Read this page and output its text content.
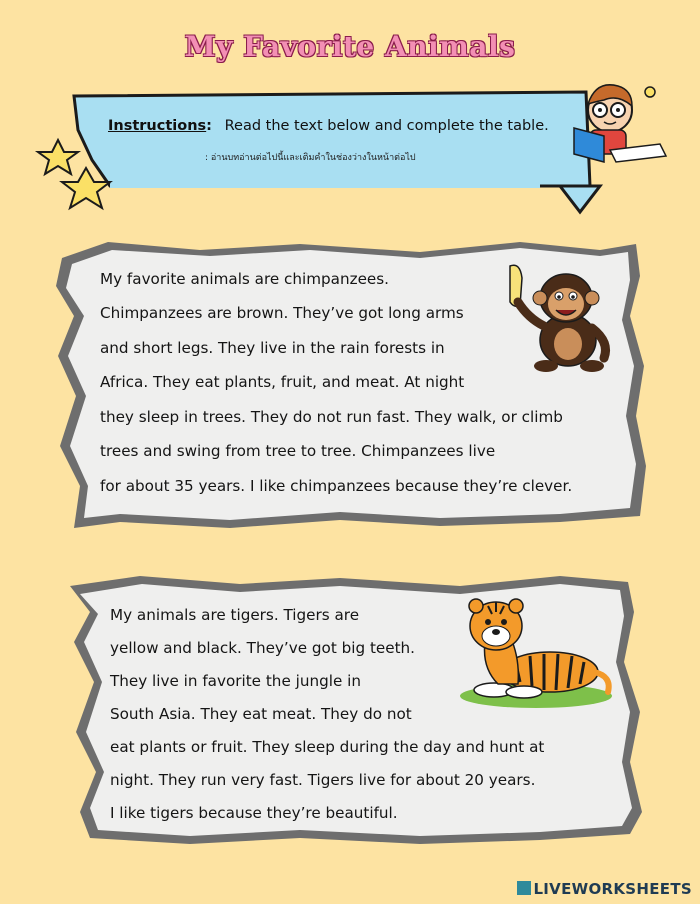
My Favorite Animals
Instructions: Read the text below and complete the table.
: อ่านบทอ่านต่อไปนี้และเติมคำในช่องว่างในหน้าต่อไป
My favorite animals are chimpanzees.
Chimpanzees are brown. They’ve got long arms
and short legs. They live in the rain forests in
Africa. They eat plants, fruit, and meat. At night
they sleep in trees. They do not run fast. They walk, or climb
trees and swing from tree to tree. Chimpanzees live
for about 35 years. I like chimpanzees because they’re clever.
My animals are tigers. Tigers are
yellow and black. They’ve got big teeth.
They live in favorite the jungle in
South Asia. They eat meat. They do not
eat plants or fruit. They sleep during the day and hunt at
night. They run very fast. Tigers live for about 20 years.
I like tigers because they’re beautiful.
LIVEWORKSHEETS
